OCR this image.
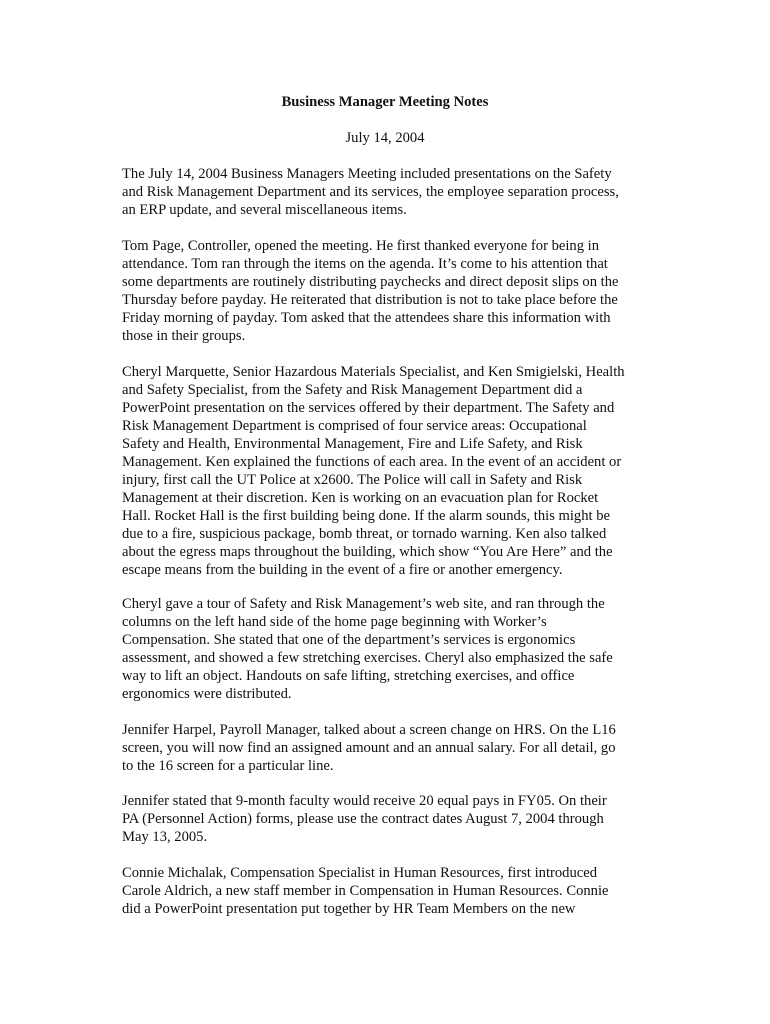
Business Manager Meeting Notes

July 14, 2004

The July 14, 2004 Business Managers Meeting included presentations on the Safety
and Risk Management Department and its services, the employee separation process,
an ERP update, and several miscellaneous items.
Tom Page, Controller, opened the meeting. He first thanked everyone for being in
attendance. Tom ran through the items on the agenda. It’s come to his attention that
some departments are routinely distributing paychecks and direct deposit slips on the
Thursday before payday. He reiterated that distribution is not to take place before the
Friday morning of payday. Tom asked that the attendees share this information with
those in their groups.
Cheryl Marquette, Senior Hazardous Materials Specialist, and Ken Smigielski, Health
and Safety Specialist, from the Safety and Risk Management Department did a
PowerPoint presentation on the services offered by their department. The Safety and
Risk Management Department is comprised of four service areas: Occupational
Safety and Health, Environmental Management, Fire and Life Safety, and Risk
Management. Ken explained the functions of each area. In the event of an accident or
injury, first call the UT Police at x2600. The Police will call in Safety and Risk
Management at their discretion. Ken is working on an evacuation plan for Rocket
Hall. Rocket Hall is the first building being done. If the alarm sounds, this might be
due to a fire, suspicious package, bomb threat, or tornado warning. Ken also talked
about the egress maps throughout the building, which show “You Are Here” and the
escape means from the building in the event of a fire or another emergency.
Cheryl gave a tour of Safety and Risk Management’s web site, and ran through the
columns on the left hand side of the home page beginning with Worker’s
Compensation. She stated that one of the department’s services is ergonomics
assessment, and showed a few stretching exercises. Cheryl also emphasized the safe
way to lift an object. Handouts on safe lifting, stretching exercises, and office
ergonomics were distributed.
Jennifer Harpel, Payroll Manager, talked about a screen change on HRS. On the L16
screen, you will now find an assigned amount and an annual salary. For all detail, go
to the 16 screen for a particular line.
Jennifer stated that 9-month faculty would receive 20 equal pays in FY05. On their
PA (Personnel Action) forms, please use the contract dates August 7, 2004 through
May 13, 2005.
Connie Michalak, Compensation Specialist in Human Resources, first introduced
Carole Aldrich, a new staff member in Compensation in Human Resources. Connie
did a PowerPoint presentation put together by HR Team Members on the new
